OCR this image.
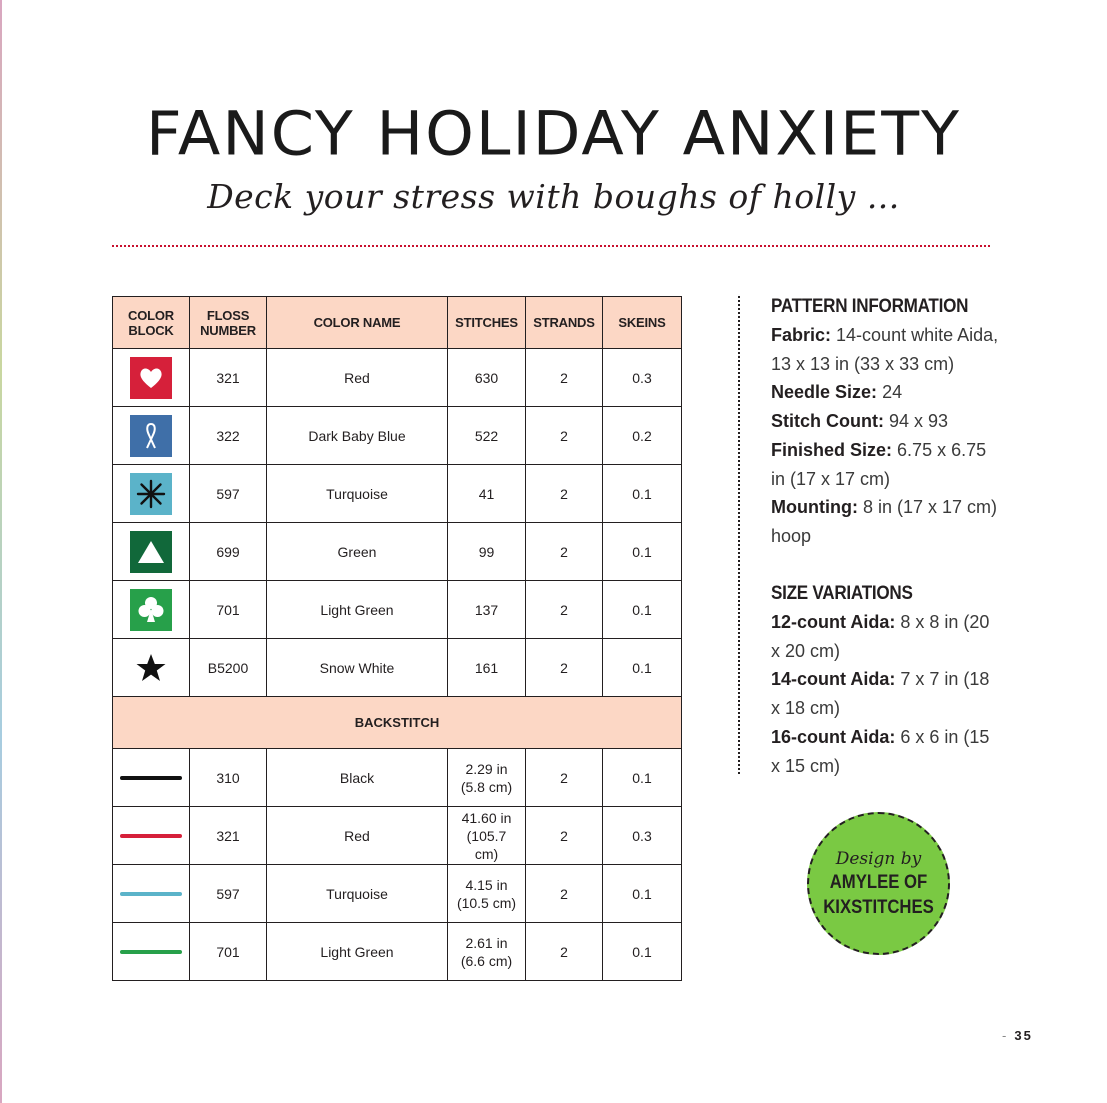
FANCY HOLIDAY ANXIETY
Deck your stress with boughs of holly ...
COLOR BLOCK	FLOSS NUMBER	COLOR NAME	STITCHES	STRANDS	SKEINS

	321	Red	630	2	0.3

	322	Dark Baby Blue	522	2	0.2

	597	Turquoise	41	2	0.1

	699	Green	99	2	0.1

	701	Light Green	137	2	0.1

	B5200	Snow White	161	2	0.1
BACKSTITCH					

	310	Black	2.29 in (5.8 cm)	2	0.1

	321	Red	41.60 in (105.7 cm)	2	0.3

	597	Turquoise	4.15 in (10.5 cm)	2	0.1

	701	Light Green	2.61 in (6.6 cm)	2	0.1
PATTERN INFORMATION
Fabric: 14-count white Aida, 13 x 13 in (33 x 33 cm)
Needle Size: 24
Stitch Count: 94 x 93
Finished Size: 6.75 x 6.75 in (17 x 17 cm)
Mounting: 8 in (17 x 17 cm) hoop
SIZE VARIATIONS
12-count Aida: 8 x 8 in (20 x 20 cm)
14-count Aida: 7 x 7 in (18 x 18 cm)
16-count Aida: 6 x 6 in (15 x 15 cm)
Design by
AMYLEE OF KIXSTITCHES
- 35
